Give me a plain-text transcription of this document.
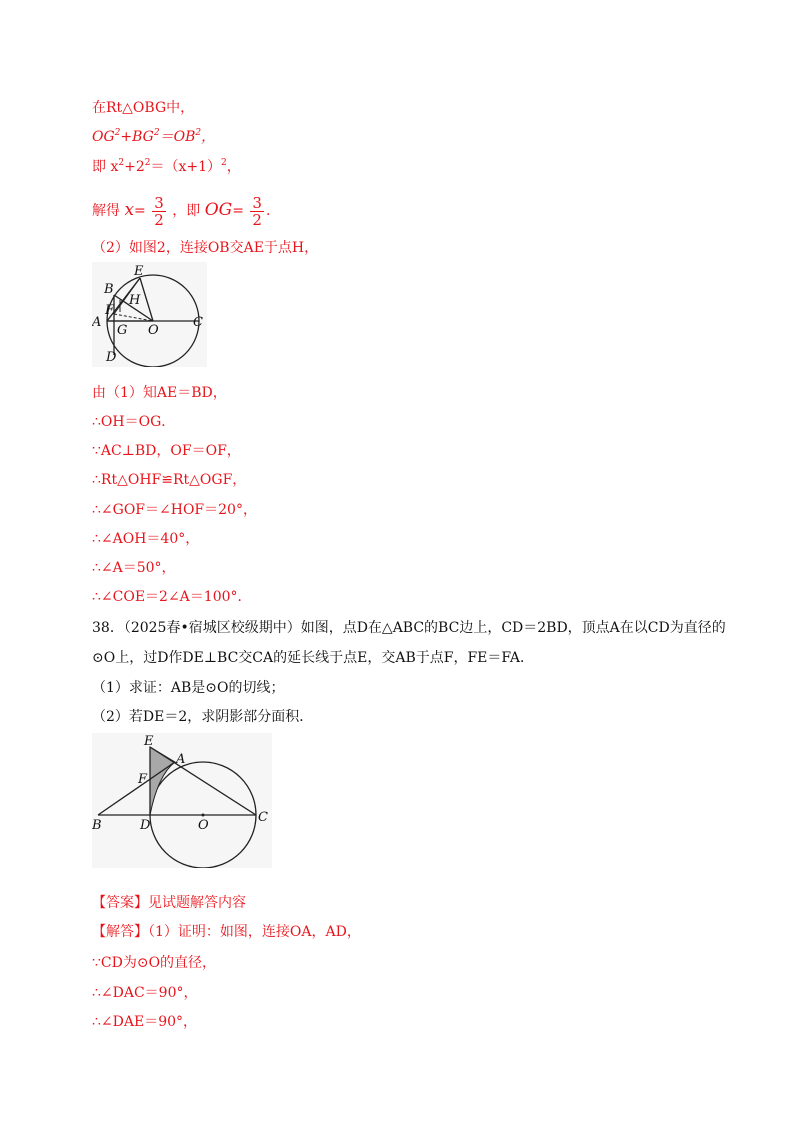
在Rt△OBG中，
$OG^2+BG^2=OB^2$，
即 $x^2+2^2=(x+1)^2$，
解得 $x= \frac{3}{2}$ ，即 $OG= \frac{3}{2}$ .
（2）如图2，连接OB交AE于点H，
E
B
H
F
A
G O
C
D
由（1）知AE＝BD，
∴OH＝OG．
∵AC⊥BD，OF＝OF，
∴Rt△OHF≌Rt△OGF，
∴∠GOF＝∠HOF＝20°，
∴∠AOH＝40°，
∴∠A＝50°，
∴∠COE＝2∠A＝100°．
38．（2025春•宿城区校级期中）如图，点D在△ABC的BC边上，CD＝2BD，顶点A在以CD为直径的
⊙O上，过D作DE⊥BC交CA的延长线于点E，交AB于点F，FE＝FA．
（1）求证：AB是⊙O的切线；
（2）若DE＝2，求阴影部分面积．
E
A
F
B	D	O
C
【答案】见试题解答内容
【解答】（1）证明：如图，连接OA，AD，
∵CD为⊙O的直径，
∴∠DAC＝90°，
∴∠DAE＝90°，
